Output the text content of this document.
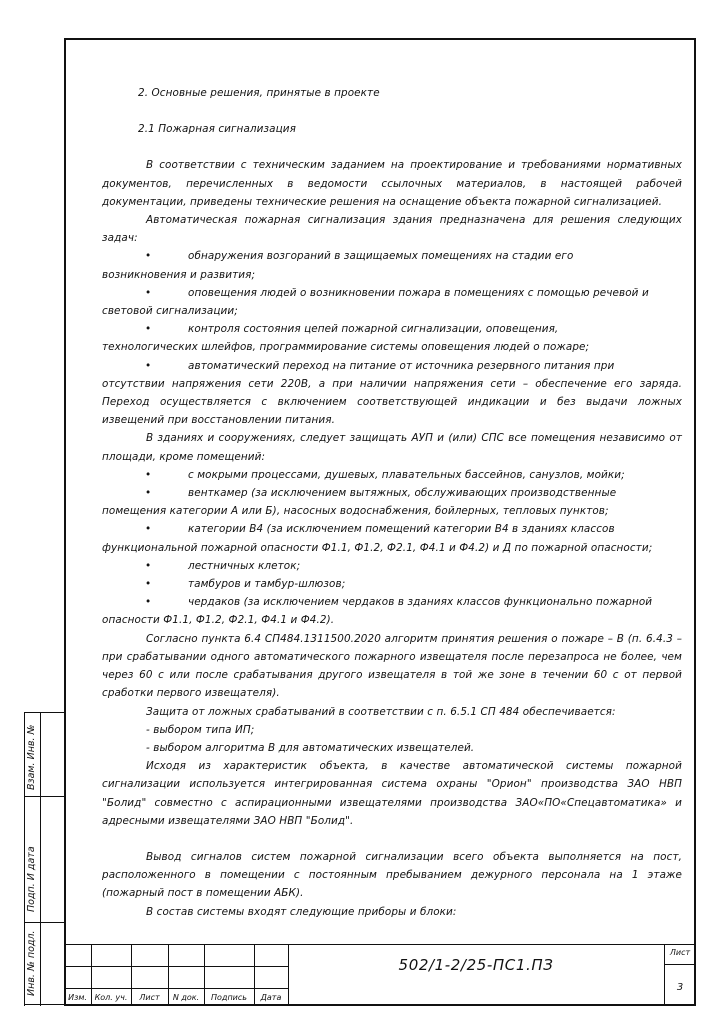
2. Основные решения, принятые в проекте

2.1 Пожарная сигнализация

В соответствии с техническим заданием на проектирование и требованиями нормативных документов, перечисленных в ведомости ссылочных материалов, в настоящей рабочей документации, приведены технические решения на оснащение объекта пожарной сигнализацией.

Автоматическая пожарная сигнализация здания предназначена для решения следующих задач:

•	обнаружения возгораний в защищаемых помещениях на стадии его
возникновения и развития;
•	оповещения людей о возникновении пожара в помещениях с помощью речевой и
световой сигнализации;
•	контроля состояния цепей пожарной сигнализации, оповещения,
технологических шлейфов, программирование системы оповещения людей о пожаре;
•	автоматический переход на питание от источника резервного питания при
отсутствии напряжения сети 220В, а при наличии напряжения сети – обеспечение его заряда. Переход осуществляется с включением соответствующей индикации и без выдачи ложных извещений при восстановлении питания.

В зданиях и сооружениях, следует защищать АУП и (или) СПС все помещения независимо от площади, кроме помещений:

•	с мокрыми процессами, душевых, плавательных бассейнов, санузлов, мойки;
•	венткамер (за исключением вытяжных, обслуживающих производственные
помещения категории А или Б), насосных водоснабжения, бойлерных, тепловых пунктов;
•	категории В4 (за исключением помещений категории В4 в зданиях классов
функциональной пожарной опасности Ф1.1, Ф1.2, Ф2.1, Ф4.1 и Ф4.2) и Д по пожарной опасности;
•	лестничных клеток;
•	тамбуров и тамбур-шлюзов;
•	чердаков (за исключением чердаков в зданиях классов функционально пожарной
опасности Ф1.1, Ф1.2, Ф2.1, Ф4.1 и Ф4.2).

Согласно пункта 6.4 СП484.1311500.2020 алгоритм принятия решения о пожаре – В (п. 6.4.3 – при срабатывании одного автоматического пожарного извещателя после перезапроса не более, чем через 60 с или после срабатывания другого извещателя в той же зоне в течении 60 с от первой сработки первого извещателя).

Защита от ложных срабатываний в соответствии с п. 6.5.1 СП 484 обеспечивается:

- выбором типа ИП;

- выбором алгоритма В для автоматических извещателей.

Исходя из характеристик объекта, в качестве автоматической системы пожарной сигнализации используется интегрированная система охраны "Орион" производства ЗАО НВП "Болид" совместно с аспирационными извещателями производства ЗАО«ПО«Спецавтоматика» и адресными извещателями ЗАО НВП "Болид".

Вывод сигналов систем пожарной сигнализации всего объекта выполняется на пост, расположенного в помещении с постоянным пребыванием дежурного персонала на 1 этаже (пожарный пост в помещении АБК).

В состав системы входят следующие приборы и блоки:

Взам. Инв. №
Подп. И дата
Инв. № подл.
Изм. Кол. уч.	Лист	N док.	Подпись	Дата
502/1-2/25-ПС1.ПЗ
Лист
3
